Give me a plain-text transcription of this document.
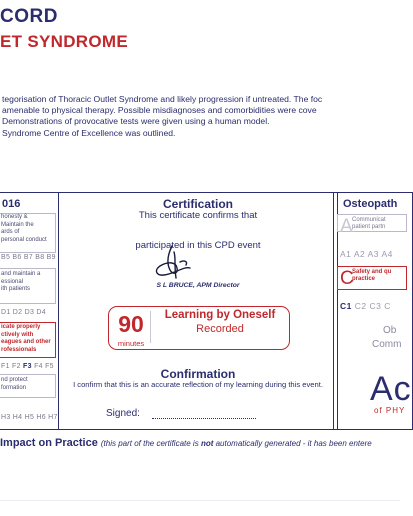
CORD
ET SYNDROME
tegorisation of Thoracic Outlet Syndrome and likely progression if untreated. The foc
amenable to physical therapy. Possible misdiagnoses and comorbidities were cove
Demonstrations of provocative tests were given using a human model.
Syndrome Centre of Excellence was outlined.
016
honesty &
Maintain the
ards of
personal conduct
B5 B6 B7 B8 B9
and maintain a
essional
ith patients
D1 D2 D3 D4
icate properly
ctively with
eagues and other
rofessionals
F1 F2 F3 F4 F5
nd protect
formation
H3 H4 H5 H6 H7
Certification
This certificate confirms that
participated in this CPD event
S L BRUCE, APM Director
90
minutes
Learning by Oneself
Recorded
Confirmation
I confirm that this is an accurate reflection of my learning during this event.
Signed:
Osteopath
A Communicat
patient partn
A1 A2 A3 A4
C
Safety and qu
practice
C1 C2 C3 C
Ob
Comm
Ac
of PHY
Impact on Practice (this part of the certificate is not automatically generated - it has been entere
